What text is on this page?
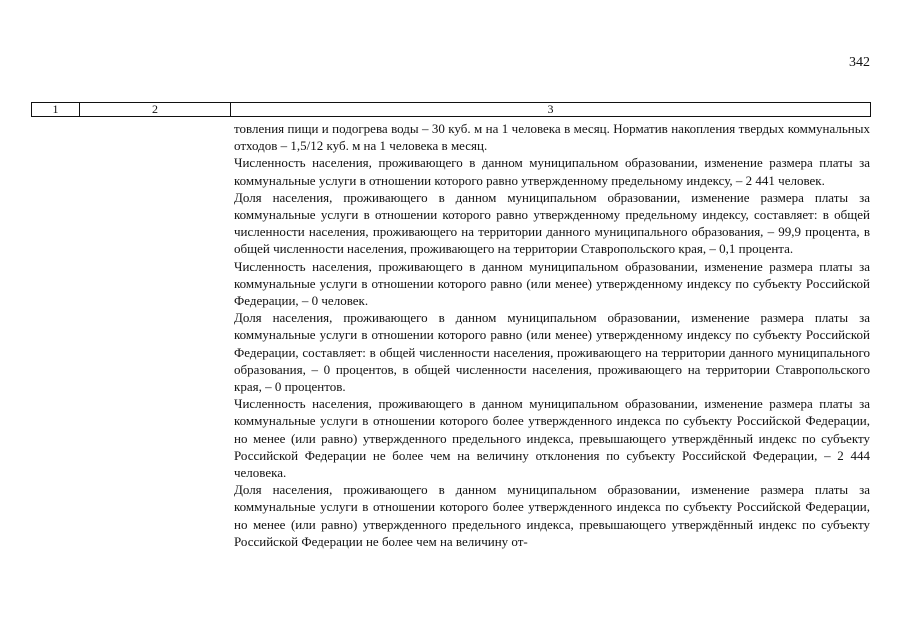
342
1	2	3

товления пищи и подогрева воды – 30 куб. м на 1 человека в месяц. Норматив накопления твердых коммунальных отходов – 1,5/12 куб. м на 1 человека в месяц.

Численность населения, проживающего в данном муниципальном образовании, изменение размера платы за коммунальные услуги в отношении которого равно утвержденному предельному индексу, – 2 441 человек.

Доля населения, проживающего в данном муниципальном образовании, изменение размера платы за коммунальные услуги в отношении которого равно утвержденному предельному индексу, составляет: в общей численности населения, проживающего на территории данного муниципального образования, – 99,9 процента, в общей численности населения, проживающего на территории Ставропольского края, – 0,1 процента.

Численность населения, проживающего в данном муниципальном образовании, изменение размера платы за коммунальные услуги в отношении которого равно (или менее) утвержденному индексу по субъекту Российской Федерации, – 0 человек.

Доля населения, проживающего в данном муниципальном образовании, изменение размера платы за коммунальные услуги в отношении которого равно (или менее) утвержденному индексу по субъекту Российской Федерации, составляет: в общей численности населения, проживающего на территории данного муниципального образования, – 0 процентов, в общей численности населения, проживающего на территории Ставропольского края, – 0 процентов.

Численность населения, проживающего в данном муниципальном образовании, изменение размера платы за коммунальные услуги в отношении которого более утвержденного индекса по субъекту Российской Федерации, но менее (или равно) утвержденного предельного индекса, превышающего утверждённый индекс по субъекту Российской Федерации не более чем на величину отклонения по субъекту Российской Федерации, – 2 444 человека.

Доля населения, проживающего в данном муниципальном образовании, изменение размера платы за коммунальные услуги в отношении которого более утвержденного индекса по субъекту Российской Федерации, но менее (или равно) утвержденного предельного индекса, превышающего утверждённый индекс по субъекту Российской Федерации не более чем на величину от-
